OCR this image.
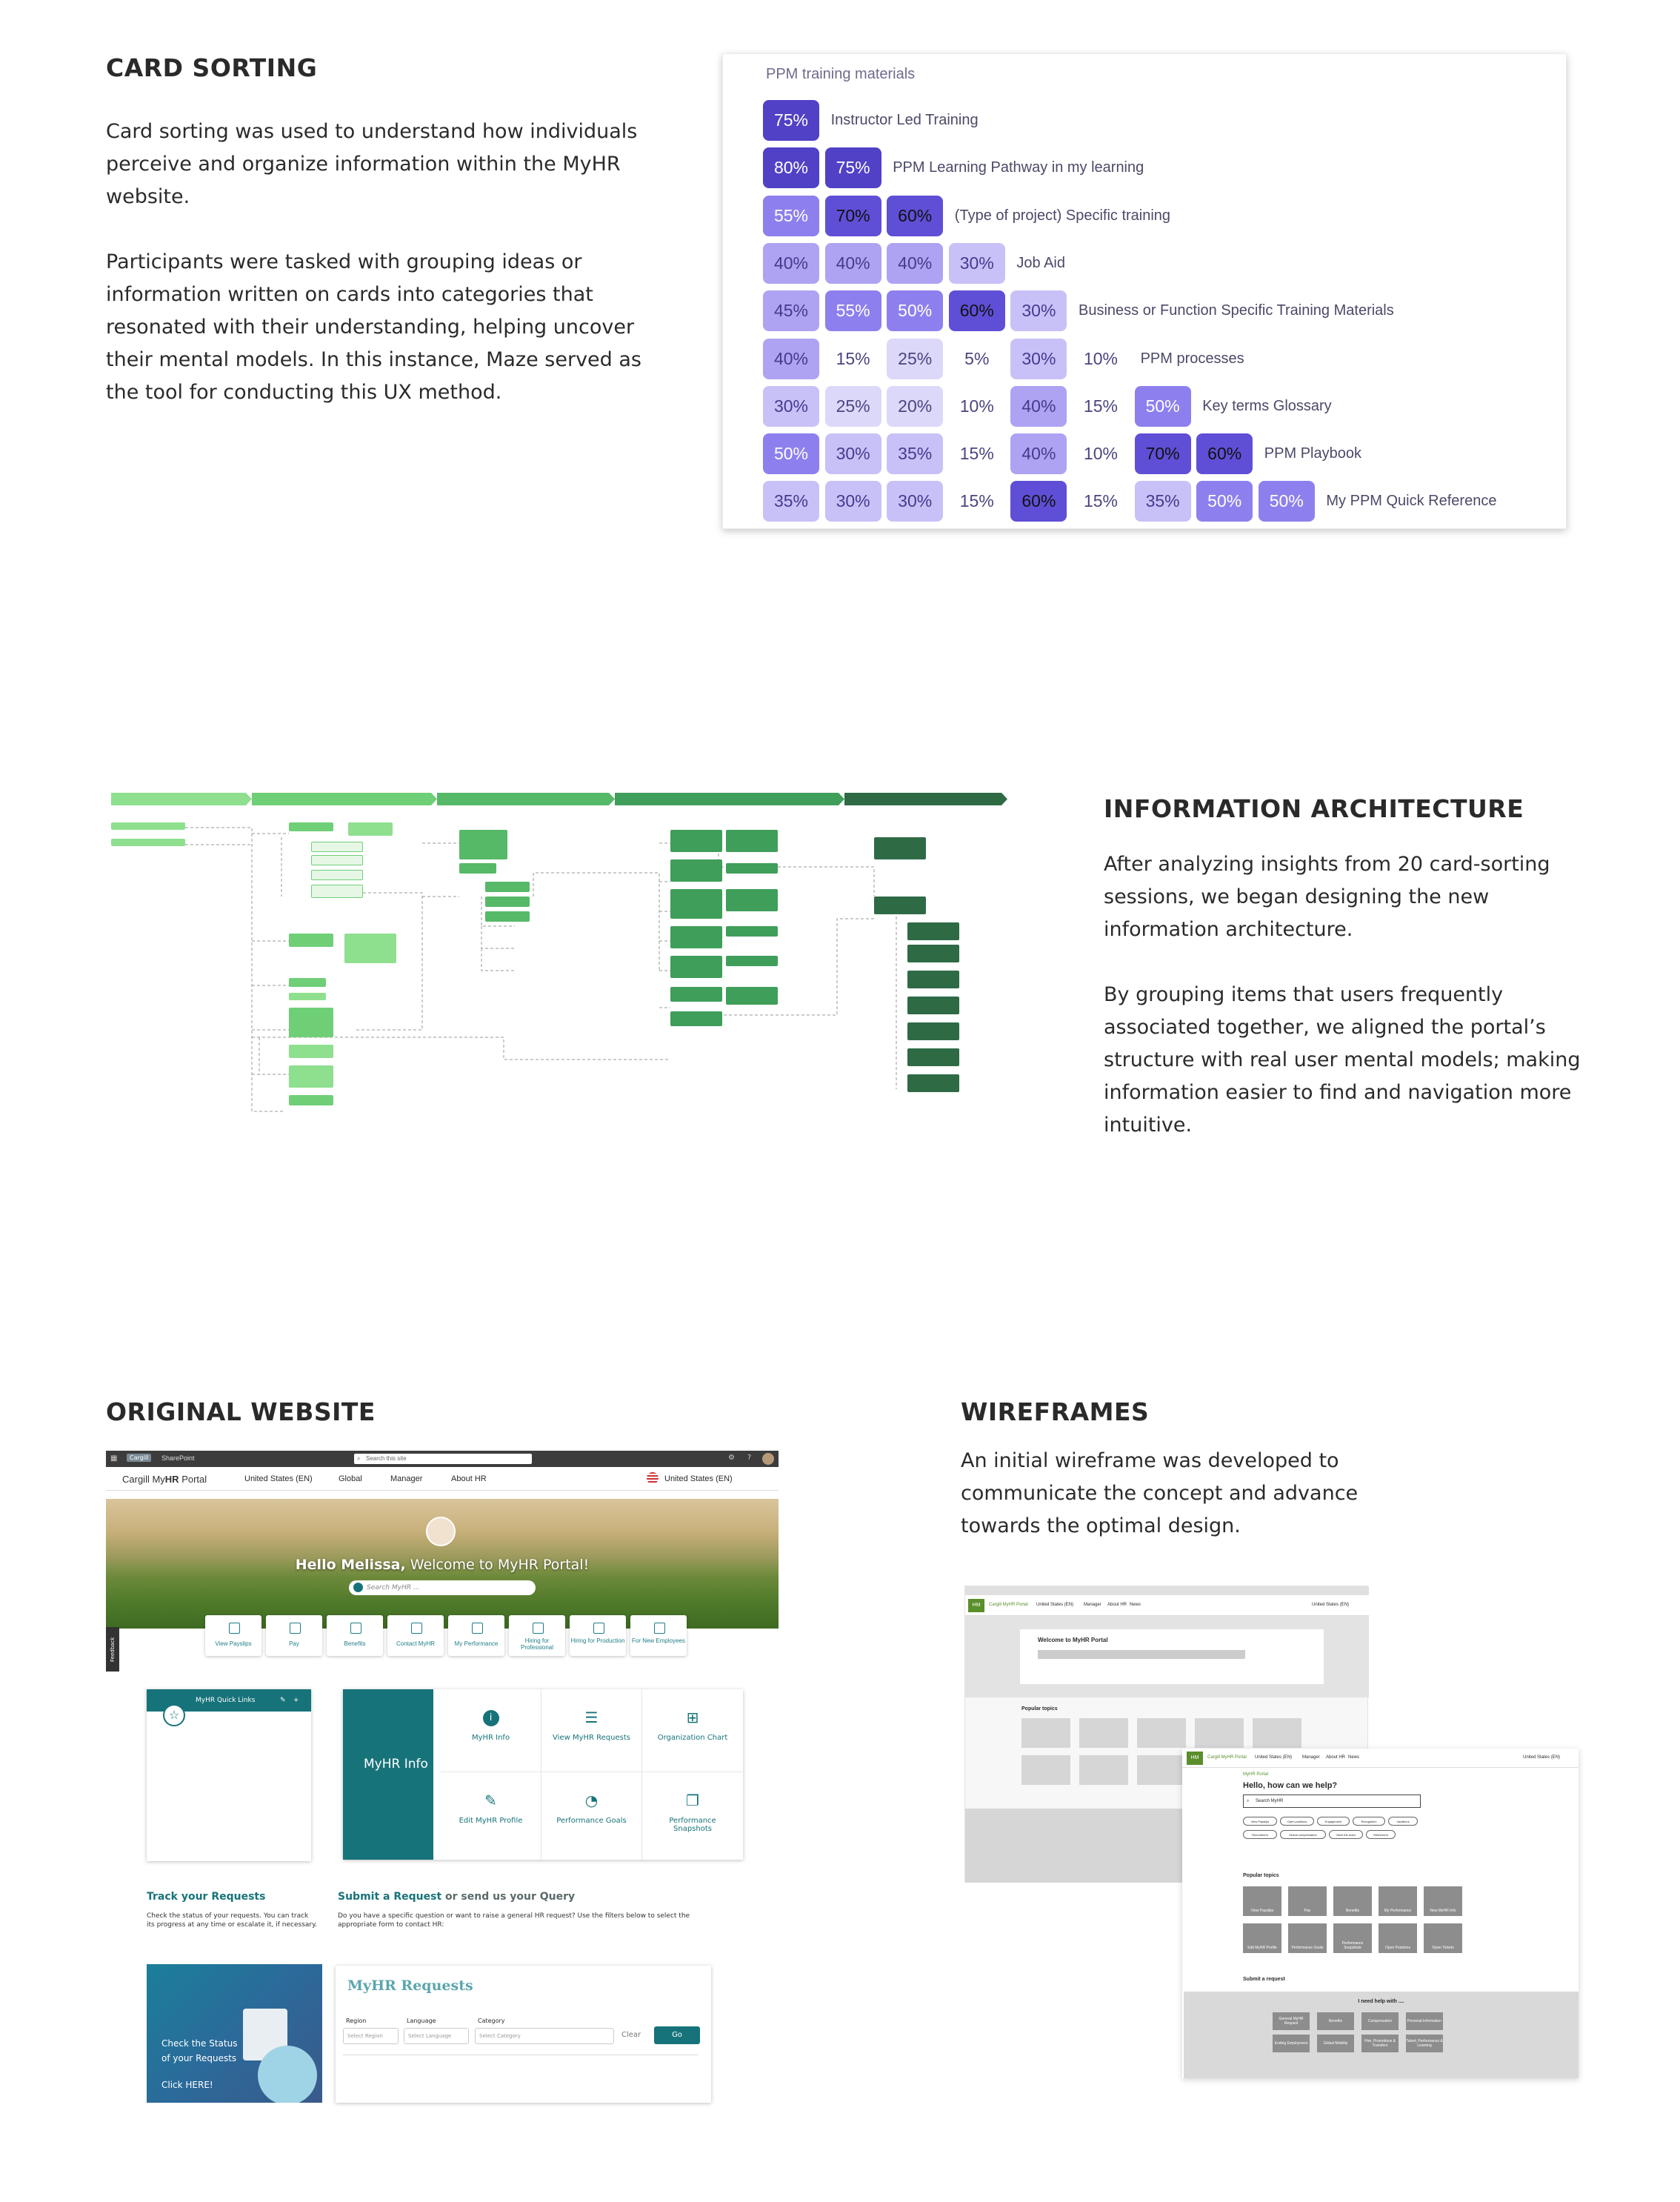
CARD SORTING

Card sorting was used to understand how individuals perceive and organize information within the MyHR website.

Participants were tasked with grouping ideas or information written on cards into categories that resonated with their understanding, helping uncover their mental models. In this instance, Maze served as the tool for conducting this UX method.

PPM training materials
75%	Instructor Led Training
80%	75%	PPM Learning Pathway in my learning
55%	70%	60%	(Type of project) Specific training
40%	40%	40%	30%	Job Aid
45%	55%	50%	60%	30%	Business or Function Specific Training Materials
40%	15%	25%	5%	30%	10%	PPM processes
30%	25%	20%	10%	40%	15%	50%	Key terms Glossary
50%	30%	35%	15%	40%	10%	70%	60%	PPM Playbook
35%	30%	30%	15%	60%	15%	35%	50%	50%	My PPM Quick Reference
INFORMATION ARCHITECTURE

After analyzing insights from 20 card-sorting sessions, we began designing the new information architecture.

By grouping items that users frequently associated together, we aligned the portal’s structure with real user mental models; making information easier to find and navigation more intuitive.

ORIGINAL WEBSITE
▦	Cargill	SharePoint	⌕ Search this site	⚙ ?
Cargill MyHR Portal	United States (EN)	Global	Manager	About HR	United States (EN)
Hello Melissa, Welcome to MyHR Portal!
Search MyHR ...
View Payslips	Pay	Benefits	Contact MyHR	My Performance	Hiring for Professional
Hiring for Production For New Employees
Feedback
MyHR Quick Links	✎ +
☆
MyHR Info
i
MyHR Info
☰
View MyHR Requests
⊞
Organization Chart
✎
Edit MyHR Profile
◔
Performance Goals
❐
Performance Snapshots
Track your Requests
Check the status of your requests. You can track its progress at any time or escalate it, if necessary.
Check the Status
of your Requests
Click HERE!
Submit a Request or send us your Query
Do you have a specific question or want to raise a general HR request? Use the filters below to select the appropriate form to contact HR:
MyHR Requests
Region
Select Region
Language
Select Language
Category
Select Category	Clear	Go
WIREFRAMES

An initial wireframe was developed to communicate the concept and advance towards the optimal design.

HM	Cargill MyHR Portal United States (EN) Manager About HR News	United States (EN)
Welcome to MyHR Portal
Popular topics
HM	Cargill MyHR Portal United States (EN) Manager About HR News	United States (EN)
MyHR Portal
Hello, how can we help?
⌕ Search MyHR
View Payslips	Open positions	Engagement	Recognition	Vacations
Recruitment	Global compensation	Meet the team	Retirement
Popular topics
View Payslips	Pay	Benefits	My Performance	New MyHR Info
Edit MyHR Profile	Performance Goals
Performance Snapshots	Open Positions	Open Tickets
Submit a request
I need help with ....
General MyHR Request	Benefits	Compensation	Personal Information
Ending Employment	Global Mobility	Hire, Promotions & Transfers
Talent, Performance & Learning
